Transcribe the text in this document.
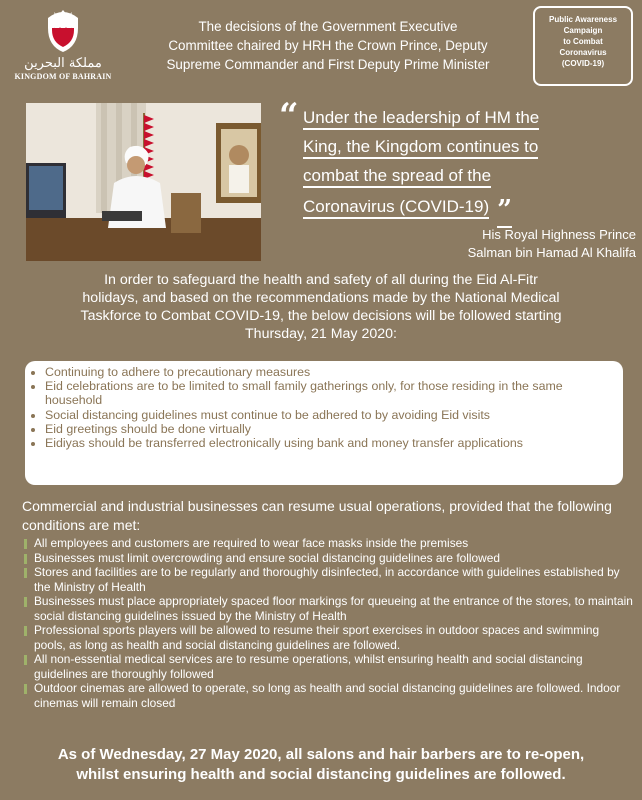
مملكة البحرين
KINGDOM OF BAHRAIN
The decisions of the Government Executive
Committee chaired by HRH the Crown Prince, Deputy
Supreme Commander and First Deputy Prime Minister
Public Awareness
Campaign
to Combat
Coronavirus
(COVID-19)
“ Under the leadership of HM the
King, the Kingdom continues to
combat the spread of the
Coronavirus (COVID-19) ”
His Royal Highness Prince
Salman bin Hamad Al Khalifa
In order to safeguard the health and safety of all during the Eid Al-Fitr
holidays, and based on the recommendations made by the National Medical
Taskforce to Combat COVID-19, the below decisions will be followed starting
Thursday, 21 May 2020:
• Continuing to adhere to precautionary measures
• Eid celebrations are to be limited to small family gatherings only, for those residing in the same household
• Social distancing guidelines must continue to be adhered to by avoiding Eid visits
• Eid greetings should be done virtually
• Eidiyas should be transferred electronically using bank and money transfer applications
Commercial and industrial businesses can resume usual operations, provided that the following conditions are met:
All employees and customers are required to wear face masks inside the premises
Businesses must limit overcrowding and ensure social distancing guidelines are followed
Stores and facilities are to be regularly and thoroughly disinfected, in accordance with guidelines established by the Ministry of Health
Businesses must place appropriately spaced floor markings for queueing at the entrance of the stores, to maintain social distancing guidelines issued by the Ministry of Health
Professional sports players will be allowed to resume their sport exercises in outdoor spaces and swimming pools, as long as health and social distancing guidelines are followed.
All non-essential medical services are to resume operations, whilst ensuring health and social distancing guidelines are thoroughly followed
Outdoor cinemas are allowed to operate, so long as health and social distancing guidelines are followed. Indoor cinemas will remain closed
As of Wednesday, 27 May 2020, all salons and hair barbers are to re-open,
whilst ensuring health and social distancing guidelines are followed.
